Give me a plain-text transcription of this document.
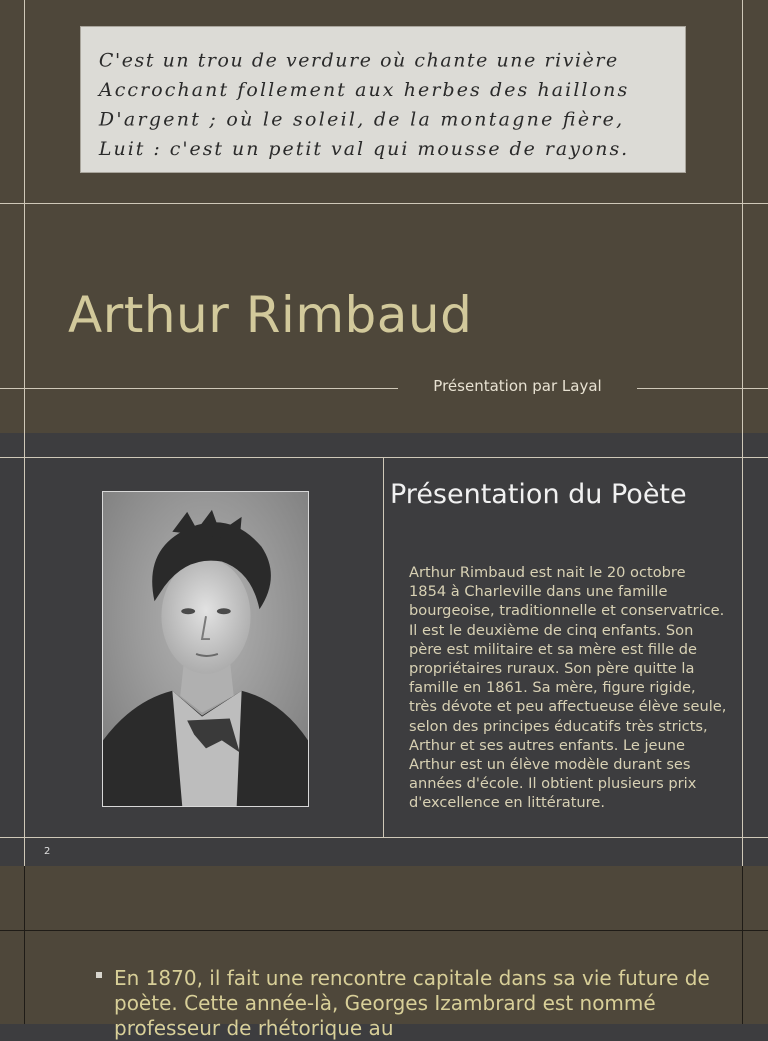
C'est un trou de verdure où chante une rivière
Accrochant follement aux herbes des haillons
D'argent ; où le soleil, de la montagne fière,
Luit : c'est un petit val qui mousse de rayons.
Arthur Rimbaud
Présentation par Layal
Présentation du Poète
Arthur Rimbaud est nait le 20 octobre 1854 à Charleville dans une famille bourgeoise, traditionnelle et conservatrice. Il est le deuxième de cinq enfants. Son père est militaire et sa mère est fille de propriétaires ruraux. Son père quitte la famille en 1861. Sa mère, figure rigide, très dévote et peu affectueuse élève seule, selon des principes éducatifs très stricts, Arthur et ses autres enfants. Le jeune Arthur est un élève modèle durant ses années d'école. Il obtient plusieurs prix d'excellence en littérature.
2
En 1870, il fait une rencontre capitale dans sa vie future de poète. Cette année-là, Georges Izambrard est nommé professeur de rhétorique au
